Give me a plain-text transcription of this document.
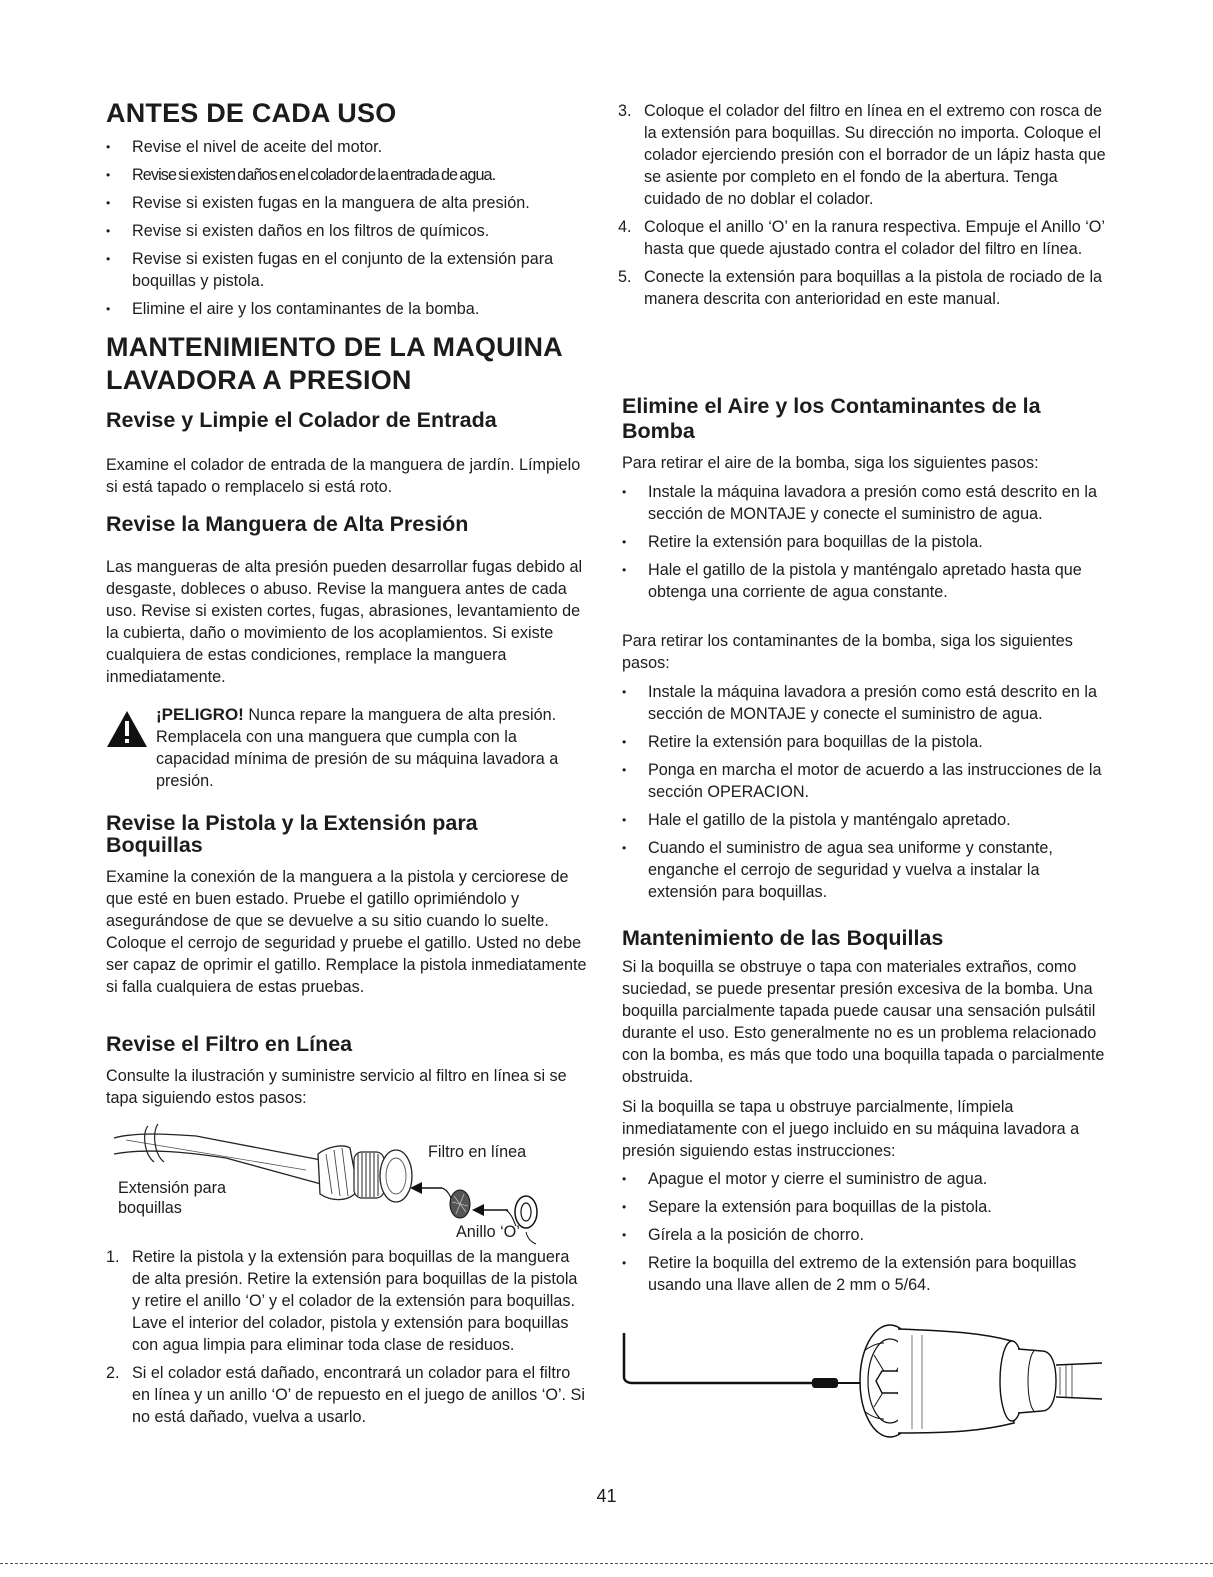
ANTES DE CADA USO
• Revise el nivel de aceite del motor.
• Revise si existen daños en el colador de la entrada de agua.
• Revise si existen fugas en la manguera de alta presión.
• Revise si existen daños en los filtros de químicos.
• Revise si existen fugas en el conjunto de la extensión para boquillas y pistola.
• Elimine el aire y los contaminantes de la bomba.
MANTENIMIENTO DE LA MAQUINA
LAVADORA A PRESION
Revise y Limpie el Colador de Entrada

Examine el colador de entrada de la manguera de jardín. Límpielo si está tapado o remplacelo si está roto.

Revise la Manguera de Alta Presión

Las mangueras de alta presión pueden desarrollar fugas debido al desgaste, dobleces o abuso. Revise la manguera antes de cada uso. Revise si existen cortes, fugas, abrasiones, levantamiento de la cubierta, daño o movimiento de los acoplamientos. Si existe cualquiera de estas condiciones, remplace la manguera inmediatamente.

¡PELIGRO! Nunca repare la manguera de alta presión. Remplacela con una manguera que cumpla con la capacidad mínima de presión de su máquina lavadora a presión.
Revise la Pistola y la Extensión para
Boquillas

Examine la conexión de la manguera a la pistola y cerciorese de que esté en buen estado. Pruebe el gatillo oprimiéndolo y asegurándose de que se devuelve a su sitio cuando lo suelte. Coloque el cerrojo de seguridad y pruebe el gatillo. Usted no debe ser capaz de oprimir el gatillo. Remplace la pistola inmediatamente si falla cualquiera de estas pruebas.

Revise el Filtro en Línea

Consulte la ilustración y suministre servicio al filtro en línea si se tapa siguiendo estos pasos:

Filtro en línea
Extensión para
boquillas
Anillo ‘O’
1. Retire la pistola y la extensión para boquillas de la manguera de alta presión. Retire la extensión para boquillas de la pistola y retire el anillo ‘O’ y el colador de la extensión para boquillas. Lave el interior del colador, pistola y extensión para boquillas con agua limpia para eliminar toda clase de residuos.
2. Si el colador está dañado, encontrará un colador para el filtro en línea y un anillo ‘O’ de repuesto en el juego de anillos ‘O’. Si no está dañado, vuelva a usarlo.
3. Coloque el colador del filtro en línea en el extremo con rosca de la extensión para boquillas. Su dirección no importa. Coloque el colador ejerciendo presión con el borrador de un lápiz hasta que se asiente por completo en el fondo de la abertura. Tenga cuidado de no doblar el colador.
4. Coloque el anillo ‘O’ en la ranura respectiva. Empuje el Anillo ‘O’ hasta que quede ajustado contra el colador del filtro en línea.
5. Conecte la extensión para boquillas a la pistola de rociado de la manera descrita con anterioridad en este manual.
Elimine el Aire y los Contaminantes de la Bomba

Para retirar el aire de la bomba, siga los siguientes pasos:

• Instale la máquina lavadora a presión como está descrito en la sección de MONTAJE y conecte el suministro de agua.
• Retire la extensión para boquillas de la pistola.
• Hale el gatillo de la pistola y manténgalo apretado hasta que obtenga una corriente de agua constante.

Para retirar los contaminantes de la bomba, siga los siguientes pasos:

• Instale la máquina lavadora a presión como está descrito en la sección de MONTAJE y conecte el suministro de agua.
• Retire la extensión para boquillas de la pistola.
• Ponga en marcha el motor de acuerdo a las instrucciones de la sección OPERACION.
• Hale el gatillo de la pistola y manténgalo apretado.
• Cuando el suministro de agua sea uniforme y constante, enganche el cerrojo de seguridad y vuelva a instalar la extensión para boquillas.
Mantenimiento de las Boquillas

Si la boquilla se obstruye o tapa con materiales extraños, como suciedad, se puede presentar presión excesiva de la bomba. Una boquilla parcialmente tapada puede causar una sensación pulsátil durante el uso. Esto generalmente no es un problema relacionado con la bomba, es más que todo una boquilla tapada o parcialmente obstruida.

Si la boquilla se tapa u obstruye parcialmente, límpiela inmediatamente con el juego incluido en su máquina lavadora a presión siguiendo estas instrucciones:

• Apague el motor y cierre el suministro de agua.
• Separe la extensión para boquillas de la pistola.
• Gírela a la posición de chorro.
• Retire la boquilla del extremo de la extensión para boquillas usando una llave allen de 2 mm o 5/64.
41
